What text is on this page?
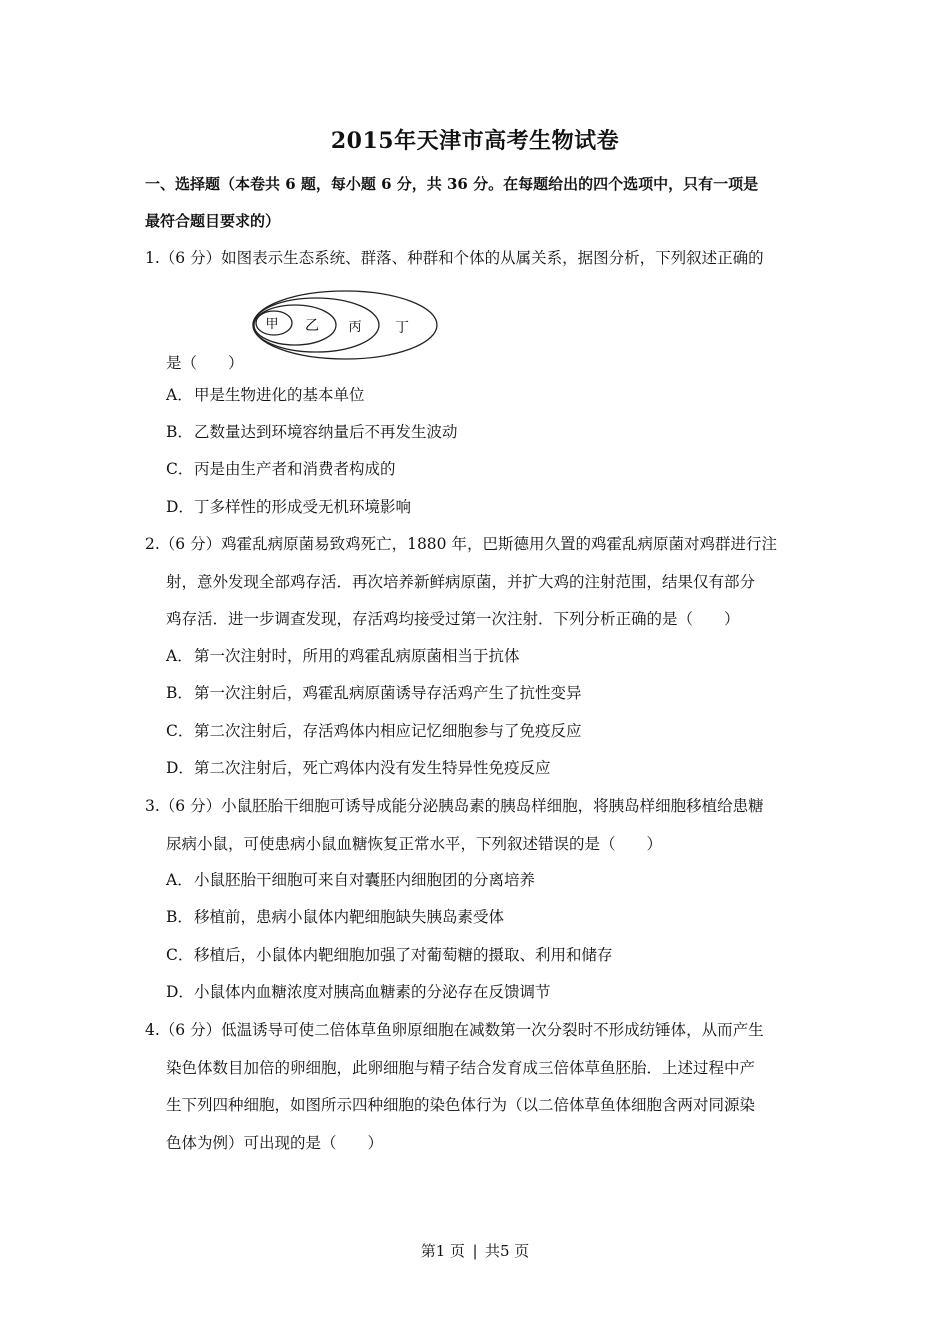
2015年天津市高考生物试卷
一、选择题（本卷共 6 题，每小题 6 分，共 36 分。在每题给出的四个选项中，只有一项是
最符合题目要求的）
1.（6 分）如图表示生态系统、群落、种群和个体的从属关系，据图分析，下列叙述正确的
甲 乙 丙 丁
是（　　）
A．甲是生物进化的基本单位
B．乙数量达到环境容纳量后不再发生波动
C．丙是由生产者和消费者构成的
D．丁多样性的形成受无机环境影响
2.（6 分）鸡霍乱病原菌易致鸡死亡，1880 年，巴斯德用久置的鸡霍乱病原菌对鸡群进行注
射，意外发现全部鸡存活．再次培养新鲜病原菌，并扩大鸡的注射范围，结果仅有部分
鸡存活．进一步调查发现，存活鸡均接受过第一次注射．下列分析正确的是（　　）
A．第一次注射时，所用的鸡霍乱病原菌相当于抗体
B．第一次注射后，鸡霍乱病原菌诱导存活鸡产生了抗性变异
C．第二次注射后，存活鸡体内相应记忆细胞参与了免疫反应
D．第二次注射后，死亡鸡体内没有发生特异性免疫反应
3.（6 分）小鼠胚胎干细胞可诱导成能分泌胰岛素的胰岛样细胞，将胰岛样细胞移植给患糖
尿病小鼠，可使患病小鼠血糖恢复正常水平，下列叙述错误的是（　　）
A．小鼠胚胎干细胞可来自对囊胚内细胞团的分离培养
B．移植前，患病小鼠体内靶细胞缺失胰岛素受体
C．移植后，小鼠体内靶细胞加强了对葡萄糖的摄取、利用和储存
D．小鼠体内血糖浓度对胰高血糖素的分泌存在反馈调节
4.（6 分）低温诱导可使二倍体草鱼卵原细胞在减数第一次分裂时不形成纺锤体，从而产生
染色体数目加倍的卵细胞，此卵细胞与精子结合发育成三倍体草鱼胚胎．上述过程中产
生下列四种细胞，如图所示四种细胞的染色体行为（以二倍体草鱼体细胞含两对同源染
色体为例）可出现的是（　　）
第1 页 | 共5 页
